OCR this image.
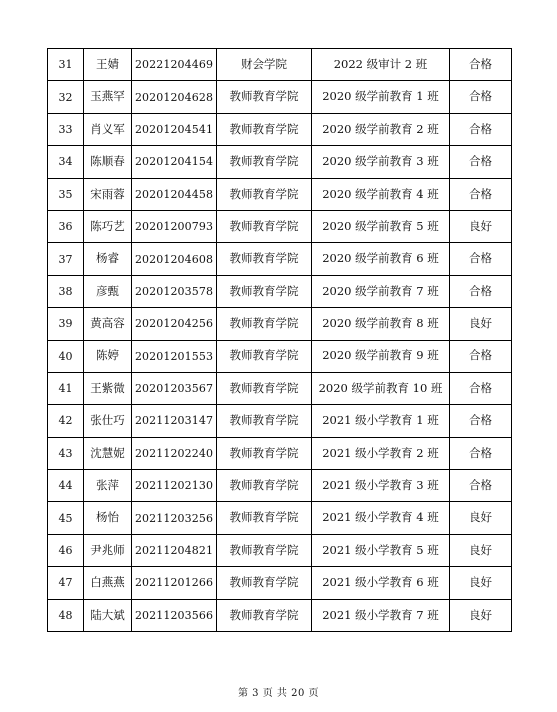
31	王婧	20221204469	财会学院	2022 级审计 2 班	合格
32	玉燕罕	20201204628	教师教育学院	2020 级学前教育 1 班	合格
33	肖义军	20201204541	教师教育学院	2020 级学前教育 2 班	合格
34	陈顺春	20201204154	教师教育学院	2020 级学前教育 3 班	合格
35	宋雨蓉	20201204458	教师教育学院	2020 级学前教育 4 班	合格
36	陈巧艺	20201200793	教师教育学院	2020 级学前教育 5 班	良好
37	杨睿	20201204608	教师教育学院	2020 级学前教育 6 班	合格
38	彦甄	20201203578	教师教育学院	2020 级学前教育 7 班	合格
39	黄高容	20201204256	教师教育学院	2020 级学前教育 8 班	良好
40	陈婷	20201201553	教师教育学院	2020 级学前教育 9 班	合格
41	王紫微	20201203567	教师教育学院	2020 级学前教育 10 班	合格
42	张仕巧	20211203147	教师教育学院	2021 级小学教育 1 班	合格
43	沈慧妮	20211202240	教师教育学院	2021 级小学教育 2 班	合格
44	张萍	20211202130	教师教育学院	2021 级小学教育 3 班	合格
45	杨怡	20211203256	教师教育学院	2021 级小学教育 4 班	良好
46	尹兆师	20211204821	教师教育学院	2021 级小学教育 5 班	良好
47	白燕燕	20211201266	教师教育学院	2021 级小学教育 6 班	良好
48	陆大斌	20211203566	教师教育学院	2021 级小学教育 7 班	良好
第 3 页 共 20 页
